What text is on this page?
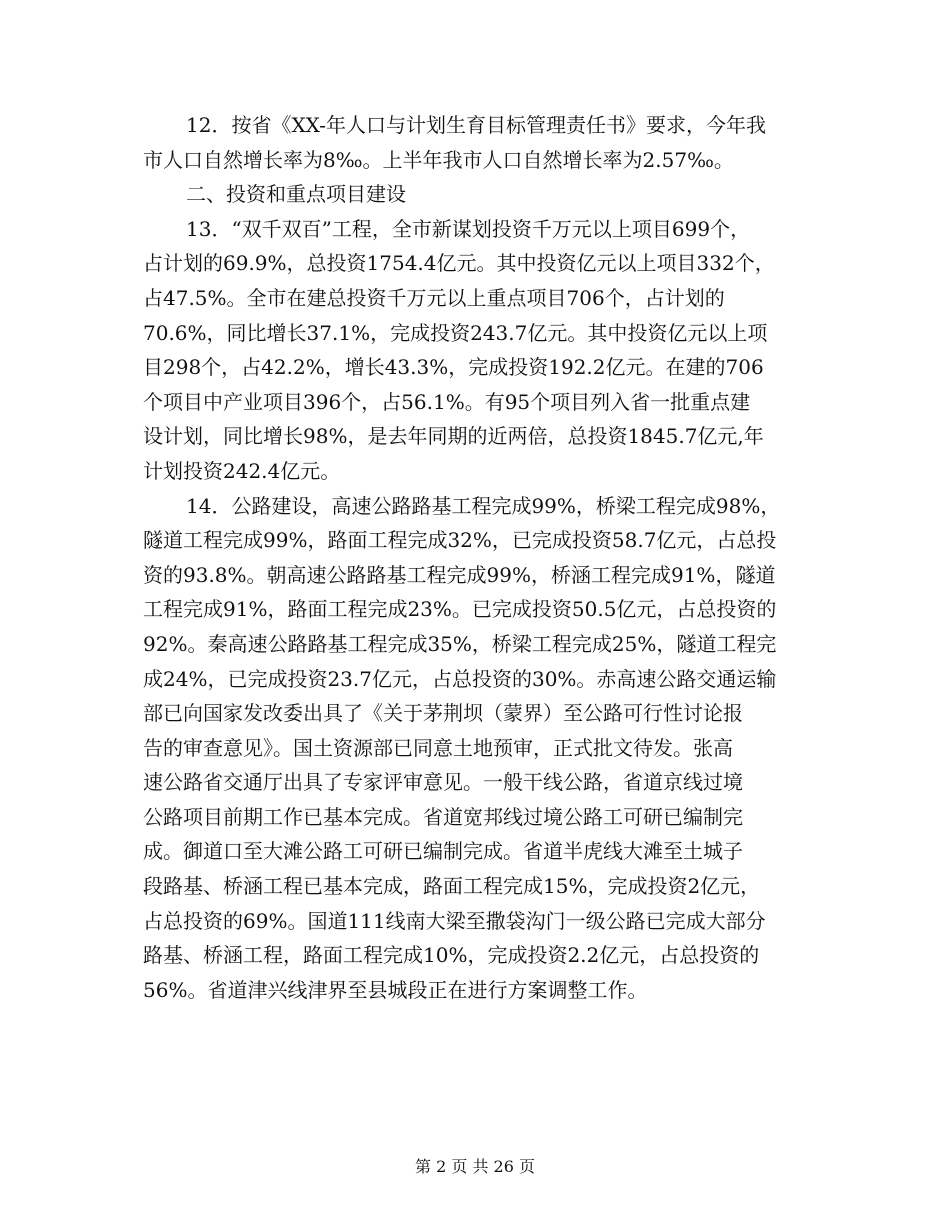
12．按省《XX-年人口与计划生育目标管理责任书》要求，今年我
市人口自然增长率为8‰。上半年我市人口自然增长率为2.57‰。
二、投资和重点项目建设
13．“双千双百”工程，全市新谋划投资千万元以上项目699个，
占计划的69.9%，总投资1754.4亿元。其中投资亿元以上项目332个，
占47.5%。全市在建总投资千万元以上重点项目706个，占计划的
70.6%，同比增长37.1%，完成投资243.7亿元。其中投资亿元以上项
目298个，占42.2%，增长43.3%，完成投资192.2亿元。在建的706
个项目中产业项目396个，占56.1%。有95个项目列入省一批重点建
设计划，同比增长98%，是去年同期的近两倍，总投资1845.7亿元,年
计划投资242.4亿元。
14．公路建设，高速公路路基工程完成99%，桥梁工程完成98%，
隧道工程完成99%，路面工程完成32%，已完成投资58.7亿元，占总投
资的93.8%。朝高速公路路基工程完成99%，桥涵工程完成91%，隧道
工程完成91%，路面工程完成23%。已完成投资50.5亿元，占总投资的
92%。秦高速公路路基工程完成35%，桥梁工程完成25%，隧道工程完
成24%，已完成投资23.7亿元，占总投资的30%。赤高速公路交通运输
部已向国家发改委出具了《关于茅荆坝（蒙界）至公路可行性讨论报
告的审查意见》。国土资源部已同意土地预审，正式批文待发。张高
速公路省交通厅出具了专家评审意见。一般干线公路，省道京线过境
公路项目前期工作已基本完成。省道宽邦线过境公路工可研已编制完
成。御道口至大滩公路工可研已编制完成。省道半虎线大滩至土城子
段路基、桥涵工程已基本完成，路面工程完成15%，完成投资2亿元，
占总投资的69%。国道111线南大梁至撒袋沟门一级公路已完成大部分
路基、桥涵工程，路面工程完成10%，完成投资2.2亿元，占总投资的
56%。省道津兴线津界至县城段正在进行方案调整工作。
第 2 页 共 26 页
